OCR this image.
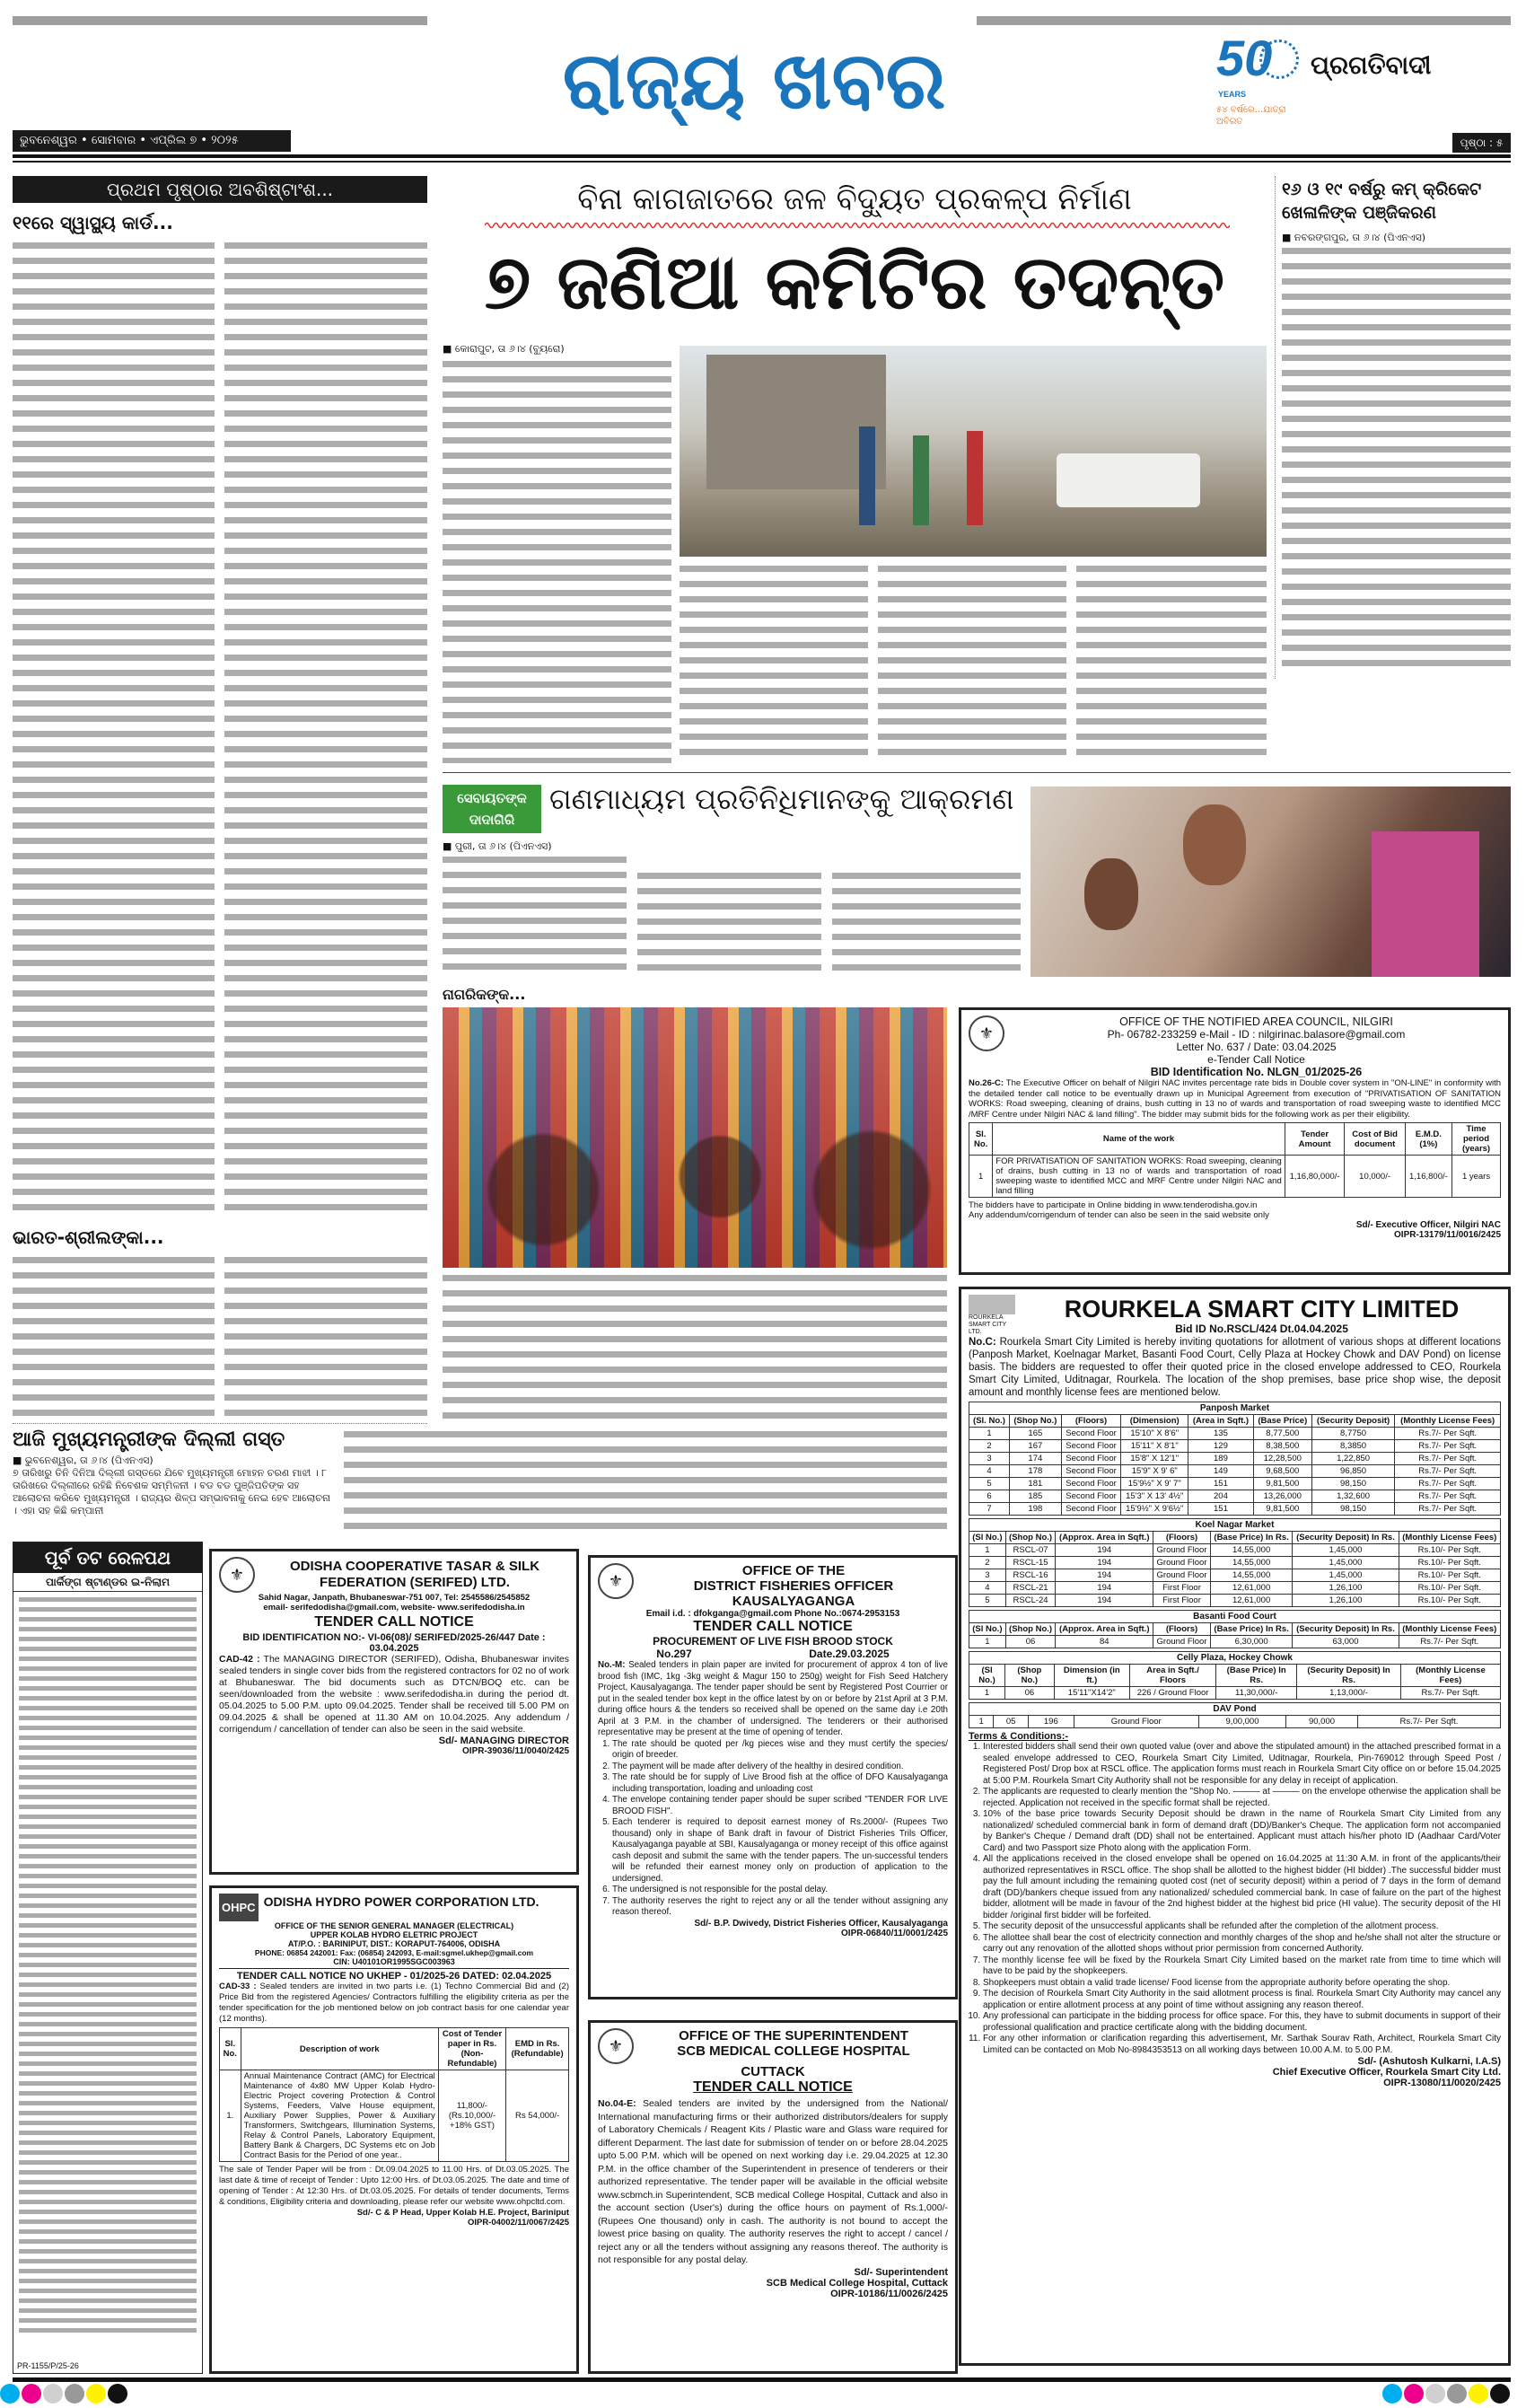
ରାଜ୍ୟ ଖବର	50
YEARS
୫୪ ବର୍ଷରେ...ଯାତ୍ରା ଅବିରତ
ପ୍ରଗତିବାଦୀ
ଭୁବନେଶ୍ୱର • ସୋମବାର • ଏପ୍ରିଲ ୭ • ୨୦୨୫	ପୃଷ୍ଠା : ୫
ପ୍ରଥମ ପୃଷ୍ଠାର ଅବଶିଷ୍ଟାଂଶ...
୧୧ରେ ସ୍ୱାସ୍ଥ୍ୟ କାର୍ଡ...
ଭାରତ-ଶ୍ରୀଲଙ୍କା...
ଆଜି ମୁଖ୍ୟମନ୍ତ୍ରୀଙ୍କ ଦିଲ୍ଲୀ ଗସ୍ତ
■ ଭୁବନେଶ୍ୱର, ତା ୬।୪ (ପିଏନଏସ)
୭ ତାରିଖରୁ ତିନି ଦିନିଆ ଦିଲ୍ଲୀ ଗସ୍ତରେ ଯିବେ ମୁଖ୍ୟମନ୍ତ୍ରୀ ମୋହନ ଚରଣ ମାଝୀ । ୮ ତାରିଖରେ ଦିଲ୍ଲୀରେ ରହିଛି ନିବେଶକ ସମ୍ମିଳନୀ । ବଡ ବଡ ପୁଞ୍ଜିପତିଙ୍କ ସହ ଆଲୋଚନା କରିବେ ମୁଖ୍ୟମନ୍ତ୍ରୀ । ରାଜ୍ୟର ଶିଳ୍ପ ସମ୍ଭାବନାକୁ ନେଇ ହେବ ଆଲୋଚନା । ଏହା ସହ କିଛି କମ୍ପାନୀ
ପୂର୍ବ ତଟ ରେଳପଥ
ପାର୍କିଙ୍ଗ ଷ୍ଟାଣ୍ଡର ଇ-ନିଲାମ
PR-1155/P/25-26
⚜	ODISHA COOPERATIVE TASAR & SILK FEDERATION (SERIFED) LTD.
Sahid Nagar, Janpath, Bhubaneswar-751 007, Tel: 2545586/2545852
email- serifedodisha@gmail.com, website- www.serifedodisha.in
TENDER CALL NOTICE
BID IDENTIFICATION NO:- VI-06(08)/ SERIFED/2025-26/447 Date : 03.04.2025

CAD-42 : The MANAGING DIRECTOR (SERIFED), Odisha, Bhubaneswar invites sealed tenders in single cover bids from the registered contractors for 02 no of work at Bhubaneswar. The bid documents such as DTCN/BOQ etc. can be seen/downloaded from the website : www.serifedodisha.in during the period dt. 05.04.2025 to 5.00 P.M. upto 09.04.2025. Tender shall be received till 5.00 PM on 09.04.2025 & shall be opened at 11.30 AM on 10.04.2025. Any addendum / corrigendum / cancellation of tender can also be seen in the said website.

Sd/- MANAGING DIRECTOR
OIPR-39036/11/0040/2425
OHPC ODISHA HYDRO POWER CORPORATION LTD.
OFFICE OF THE SENIOR GENERAL MANAGER (ELECTRICAL)
UPPER KOLAB HYDRO ELETRIC PROJECT
AT/P.O. : BARINIPUT, DIST.: KORAPUT-764006, ODISHA
PHONE: 06854 242001: Fax: (06854) 242093, E-mail:sgmel.ukhep@gmail.com
CIN: U40101OR1995SGC003963
TENDER CALL NOTICE NO UKHEP - 01/2025-26 DATED: 02.04.2025

CAD-33 : Sealed tenders are invited in two parts i.e. (1) Techno Commercial Bid and (2) Price Bid from the registered Agencies/ Contractors fulfilling the eligibility criteria as per the tender specification for the job mentioned below on job contract basis for one calendar year (12 months).

Sl. No.	Description of work	Cost of Tender paper in Rs. (Non-Refundable)	EMD in Rs. (Refundable)
1.	Annual Maintenance Contract (AMC) for Electrical Maintenance of 4x80 MW Upper Kolab Hydro-Electric Project covering Protection & Control Systems, Feeders, Valve House equipment, Auxiliary Power Supplies, Power & Auxiliary Transformers, Switchgears, Illumination Systems, Relay & Control Panels, Laboratory Equipment, Battery Bank & Chargers, DC Systems etc on Job Contract Basis for the Period of one year..	11,800/- (Rs.10,000/- +18% GST)	Rs 54,000/-

The sale of Tender Paper will be from : Dt.09.04.2025 to 11.00 Hrs. of Dt.03.05.2025. The last date & time of receipt of Tender : Upto 12:00 Hrs. of Dt.03.05.2025. The date and time of opening of Tender : At 12:30 Hrs. of Dt.03.05.2025. For details of tender documents, Terms & conditions, Eligibility criteria and downloading, please refer our website www.ohpcltd.com.

Sd/- C & P Head, Upper Kolab H.E. Project, Bariniput
OIPR-04002/11/0067/2425
ବିନା କାଗଜାତରେ ଜଳ ବିଦ୍ୟୁତ ପ୍ରକଳ୍ପ ନିର୍ମାଣ
୭ ଜଣିଆ କମିଟିର ତଦନ୍ତ
■ କୋରାପୁଟ, ତା ୬।୪ (ବ୍ୟୁରୋ)
୧୬ ଓ ୧୯ ବର୍ଷରୁ କମ୍ କ୍ରିକେଟ ଖେଳାଳିଙ୍କ ପଞ୍ଜିକରଣ
■ ନବରଙ୍ଗପୁର, ତା ୬।୪ (ପିଏନଏସ)
ସେବାୟତଙ୍କ ଦାଦାଗିରି
ଗଣମାଧ୍ୟମ ପ୍ରତିନିଧିମାନଙ୍କୁ ଆକ୍ରମଣ
■ ପୁରୀ, ତା ୬।୪ (ପିଏନଏସ)
ନାଗରିକଙ୍କ...
⚜
OFFICE OF THE NOTIFIED AREA COUNCIL, NILGIRI
Ph- 06782-233259 e-Mail - ID : nilgirinac.balasore@gmail.com
Letter No. 637 / Date: 03.04.2025
e-Tender Call Notice
BID Identification No. NLGN_01/2025-26

No.26-C: The Executive Officer on behalf of Nilgiri NAC invites percentage rate bids in Double cover system in "ON-LINE" in conformity with the detailed tender call notice to be eventually drawn up in Municipal Agreement from execution of "PRIVATISATION OF SANITATION WORKS: Road sweeping, cleaning of drains, bush cutting in 13 no of wards and transportation of road sweeping waste to identified MCC /MRF Centre under Nilgiri NAC & land filling". The bidder may submit bids for the following work as per their eligibility.

Sl. No.	Name of the work	Tender Amount	Cost of Bid document	E.M.D. (1%)	Time period (years)
1	FOR PRIVATISATION OF SANITATION WORKS: Road sweeping, cleaning of drains, bush cutting in 13 no of wards and transportation of road sweeping waste to identified MCC and MRF Centre under Nilgiri NAC and land filling	1,16,80,000/-	10,000/-	1,16,800/-	1 years
The bidders have to participate in Online bidding in www.tenderodisha.gov.in
Any addendum/corrigendum of tender can also be seen in the said website only
Sd/- Executive Officer, Nilgiri NAC
OIPR-13179/11/0016/2425
ROURKELA SMART CITY LTD.
ROURKELA SMART CITY LIMITED
Bid ID No.RSCL/424 Dt.04.04.2025

No.C: Rourkela Smart City Limited is hereby inviting quotations for allotment of various shops at different locations (Panposh Market, Koelnagar Market, Basanti Food Court, Celly Plaza at Hockey Chowk and DAV Pond) on license basis. The bidders are requested to offer their quoted price in the closed envelope addressed to CEO, Rourkela Smart City Limited, Uditnagar, Rourkela. The location of the shop premises, base price shop wise, the deposit amount and monthly license fees are mentioned below.

Panposh Market
(Sl. No.)	(Shop No.)	(Floors)	(Dimension)	(Area in Sqft.)	(Base Price)	(Security Deposit)	(Monthly License Fees)
1	165	Second Floor	15'10" X 8'6"	135	8,77,500	8,7750	Rs.7/- Per Sqft.
2	167	Second Floor	15'11" X 8'1"	129	8,38,500	8,3850	Rs.7/- Per Sqft.
3	174	Second Floor	15'8" X 12'1"	189	12,28,500	1,22,850	Rs.7/- Per Sqft.
4	178	Second Floor	15'9" X 9' 6"	149	9,68,500	96,850	Rs.7/- Per Sqft.
5	181	Second Floor	15'9½" X 9' 7"	151	9,81,500	98,150	Rs.7/- Per Sqft.
6	185	Second Floor	15'3" X 13' 4½"	204	13,26,000	1,32,600	Rs.7/- Per Sqft.
7	198	Second Floor	15'9½" X 9'6½"	151	9,81,500	98,150	Rs.7/- Per Sqft.
Koel Nagar Market
(Sl No.)	(Shop No.)	(Approx. Area in Sqft.)	(Floors)	(Base Price) In Rs.	(Security Deposit) In Rs.	(Monthly License Fees)
1	RSCL-07	194	Ground Floor	14,55,000	1,45,000	Rs.10/- Per Sqft.
2	RSCL-15	194	Ground Floor	14,55,000	1,45,000	Rs.10/- Per Sqft.
3	RSCL-16	194	Ground Floor	14,55,000	1,45,000	Rs.10/- Per Sqft.
4	RSCL-21	194	First Floor	12,61,000	1,26,100	Rs.10/- Per Sqft.
5	RSCL-24	194	First Floor	12,61,000	1,26,100	Rs.10/- Per Sqft.
Basanti Food Court
(Sl No.)	(Shop No.)	(Approx. Area in Sqft.)	(Floors)	(Base Price) In Rs.	(Security Deposit) In Rs.	(Monthly License Fees)
1	06	84	Ground Floor	6,30,000	63,000	Rs.7/- Per Sqft.
Celly Plaza, Hockey Chowk
(Sl No.)	(Shop No.)	Dimension (in ft.)	Area in Sqft./ Floors	(Base Price) In Rs.	(Security Deposit) In Rs.	(Monthly License Fees)
1	06	15'11"X14'2"	226 / Ground Floor	11,30,000/-	1,13,000/-	Rs.7/- Per Sqft.
DAV Pond
1	05	196	Ground Floor	9,00,000	90,000	Rs.7/- Per Sqft.
Terms & Conditions:-
1. Interested bidders shall send their own quoted value (over and above the stipulated amount) in the attached prescribed format in a sealed envelope addressed to CEO, Rourkela Smart City Limited, Uditnagar, Rourkela, Pin-769012 through Speed Post / Registered Post/ Drop box at RSCL office. The application forms must reach in Rourkela Smart City office on or before 15.04.2025 at 5:00 P.M. Rourkela Smart City Authority shall not be responsible for any delay in receipt of application.
2. The applicants are requested to clearly mention the "Shop No. ——— at ——— on the envelope otherwise the application shall be rejected. Application not received in the specific format shall be rejected.
3. 10% of the base price towards Security Deposit should be drawn in the name of Rourkela Smart City Limited from any nationalized/ scheduled commercial bank in form of demand draft (DD)/Banker's Cheque. The application form not accompanied by Banker's Cheque / Demand draft (DD) shall not be entertained. Applicant must attach his/her photo ID (Aadhaar Card/Voter Card) and two Passport size Photo along with the application Form.
4. All the applications received in the closed envelope shall be opened on 16.04.2025 at 11:30 A.M. in front of the applicants/their authorized representatives in RSCL office. The shop shall be allotted to the highest bidder (HI bidder) .The successful bidder must pay the full amount including the remaining quoted cost (net of security deposit) within a period of 7 days in the form of demand draft (DD)/bankers cheque issued from any nationalized/ scheduled commercial bank. In case of failure on the part of the highest bidder, allotment will be made in favour of the 2nd highest bidder at the highest bid price (HI value). The security deposit of the HI bidder /original first bidder will be forfeited.
5. The security deposit of the unsuccessful applicants shall be refunded after the completion of the allotment process.
6. The allottee shall bear the cost of electricity connection and monthly charges of the shop and he/she shall not alter the structure or carry out any renovation of the allotted shops without prior permission from concerned Authority.
7. The monthly license fee will be fixed by the Rourkela Smart City Limited based on the market rate from time to time which will have to be paid by the shopkeepers.
8. Shopkeepers must obtain a valid trade license/ Food license from the appropriate authority before operating the shop.
9. The decision of Rourkela Smart City Authority in the said allotment process is final. Rourkela Smart City Authority may cancel any application or entire allotment process at any point of time without assigning any reason thereof.
10. Any professional can participate in the bidding process for office space. For this, they have to submit documents in support of their professional qualification and practice certificate along with the bidding document.
11. For any other information or clarification regarding this advertisement, Mr. Sarthak Sourav Rath, Architect, Rourkela Smart City Limited can be contacted on Mob No-8984353513 on all working days between 10.00 A.M. to 5.00 P.M.
Sd/- (Ashutosh Kulkarni, I.A.S)
Chief Executive Officer, Rourkela Smart City Ltd.
OIPR-13080/11/0020/2425
⚜
OFFICE OF THE
DISTRICT FISHERIES OFFICER
KAUSALYAGANGA
Email i.d. : dfokganga@gmail.com Phone No.:0674-2953153
TENDER CALL NOTICE
PROCUREMENT OF LIVE FISH BROOD STOCK
No.297	Date.29.03.2025

No.-M: Sealed tenders in plain paper are invited for procurement of approx 4 ton of live brood fish (IMC, 1kg -3kg weight & Magur 150 to 250g) weight for Fish Seed Hatchery Project, Kausalyaganga. The tender paper should be sent by Registered Post Courrier or put in the sealed tender box kept in the office latest by on or before by 21st April at 3 P.M. during office hours & the tenders so received shall be opened on the same day i.e 20th April at 3 P.M. in the chamber of undersigned. The tenderers or their authorised representative may be present at the time of opening of tender.

1. The rate should be quoted per /kg pieces wise and they must certify the species/ origin of breeder.
2. The payment will be made after delivery of the healthy in desired condition.
3. The rate should be for supply of Live Brood fish at the office of DFO Kausalyaganga including transportation, loading and unloading cost
4. The envelope containing tender paper should be super scribed "TENDER FOR LIVE BROOD FISH".
5. Each tenderer is required to deposit earnest money of Rs.2000/- (Rupees Two thousand) only in shape of Bank draft in favour of District Fisheries Trils Officer, Kausalyaganga payable at SBI, Kausalyaganga or money receipt of this office against cash deposit and submit the same with the tender papers. The un-successful tenders will be refunded their earnest money only on production of application to the undersigned.
6. The undersigned is not responsible for the postal delay.
7. The authority reserves the right to reject any or all the tender without assigning any reason thereof.
Sd/- B.P. Dwivedy, District Fisheries Officer, Kausalyaganga
OIPR-06840/11/0001/2425
⚜
OFFICE OF THE SUPERINTENDENT
SCB MEDICAL COLLEGE HOSPITAL
CUTTACK
TENDER CALL NOTICE

No.04-E: Sealed tenders are invited by the undersigned from the National/ International manufacturing firms or their authorized distributors/dealers for supply of Laboratory Chemicals / Reagent Kits / Plastic ware and Glass ware required for different Deparment. The last date for submission of tender on or before 28.04.2025 upto 5.00 P.M. which will be opened on next working day i.e. 29.04.2025 at 12.30 P.M. in the office chamber of the Superintendent in presence of tenderers or their authorized representative. The tender paper will be available in the official website www.scbmch.in Superintendent, SCB medical College Hospital, Cuttack and also in the account section (User's) during the office hours on payment of Rs.1,000/- (Rupees One thousand) only in cash. The authority is not bound to accept the lowest price basing on quality. The authority reserves the right to accept / cancel / reject any or all the tenders without assigning any reasons thereof. The authority is not responsible for any postal delay.

Sd/- Superintendent
SCB Medical College Hospital, Cuttack
OIPR-10186/11/0026/2425
